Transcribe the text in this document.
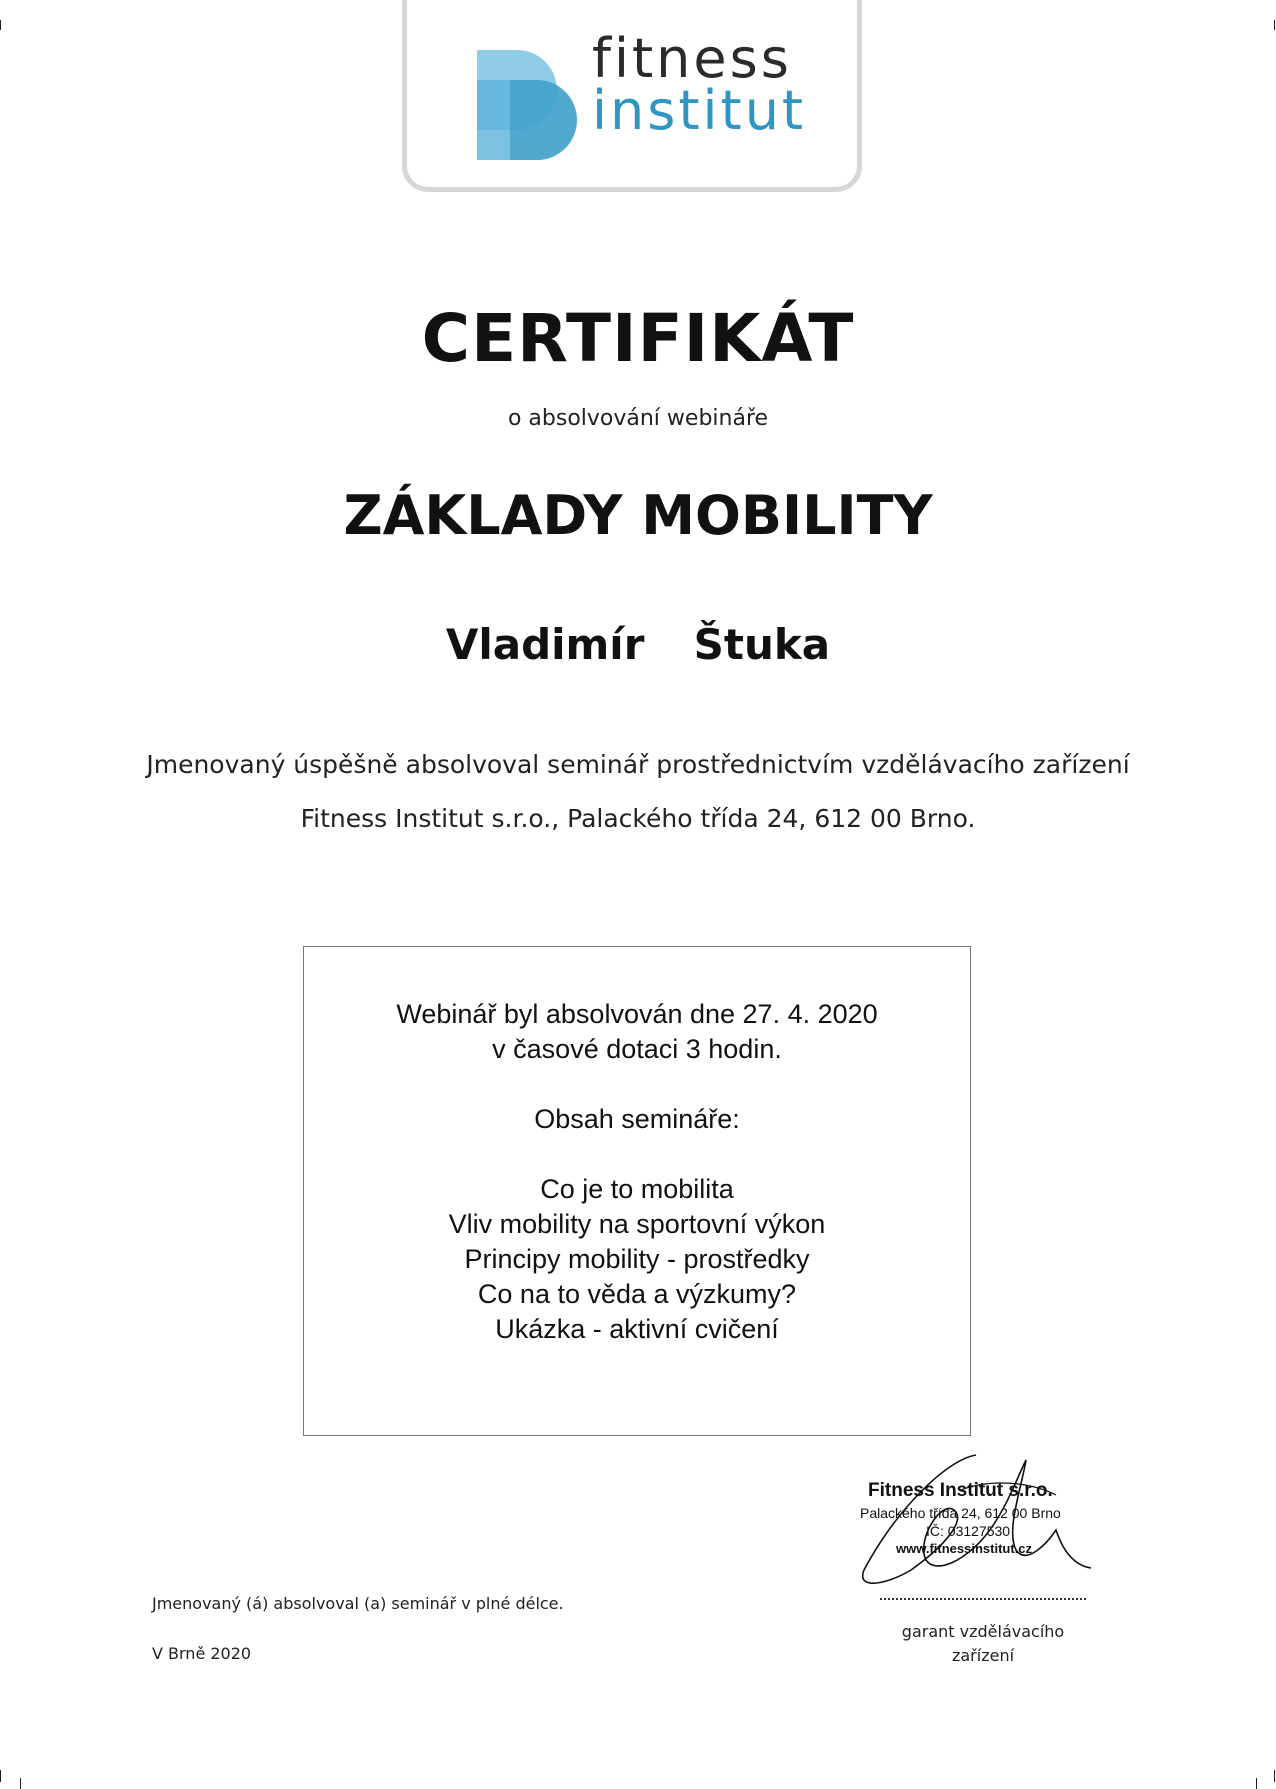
fitness
institut
CERTIFIKÁT
o absolvování webináře
ZÁKLADY MOBILITY
Vladimír  Štuka
Jmenovaný úspěšně absolvoval seminář prostřednictvím vzdělávacího zařízení
Fitness Institut s.r.o., Palackého třída 24, 612 00 Brno.
Webinář byl absolvován dne 27. 4. 2020
v časové dotaci 3 hodin.
Obsah semináře:
Co je to mobilita
Vliv mobility na sportovní výkon
Principy mobility - prostředky
Co na to věda a výzkumy?
Ukázka - aktivní cvičení
Jmenovaný (á) absolvoval (a) seminář v plné délce.
V Brně 2020
Fitness Institut s.r.o.
Palackého třída 24, 612 00 Brno
IČ: 03127530
www.fitnessinstitut.cz
garant vzdělávacího
zařízení
